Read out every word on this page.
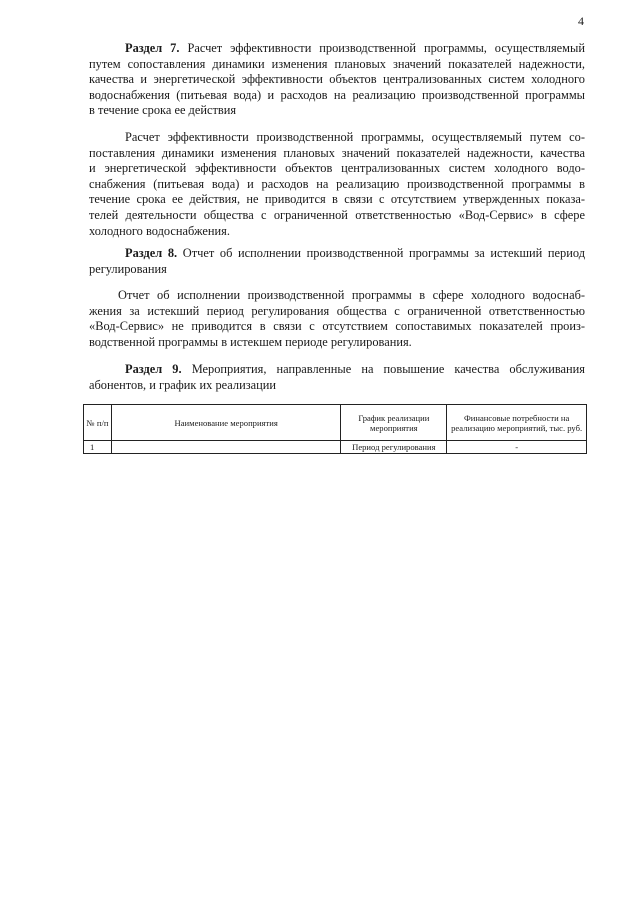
4
Раздел 7. Расчет эффективности производственной программы, осуществляемый
путем сопоставления динамики изменения плановых значений показателей надежности,
качества и энергетической эффективности объектов централизованных систем холодного
водоснабжения (питьевая вода) и расходов на реализацию производственной программы
в течение срока ее действия
Расчет эффективности производственной программы, осуществляемый путем со-
поставления динамики изменения плановых значений показателей надежности, качества
и энергетической эффективности объектов централизованных систем холодного водо-
снабжения (питьевая вода) и расходов на реализацию производственной программы в
течение срока ее действия, не приводится в связи с отсутствием утвержденных показа-
телей деятельности общества с ограниченной ответственностью «Вод-Сервис» в сфере
холодного водоснабжения.
Раздел 8. Отчет об исполнении производственной программы за истекший период
регулирования
Отчет об исполнении производственной программы в сфере холодного водоснаб-
жения за истекший период регулирования общества с ограниченной ответственностью
«Вод-Сервис» не приводится в связи с отсутствием сопоставимых показателей произ-
водственной программы в истекшем периоде регулирования.
Раздел 9. Мероприятия, направленные на повышение качества обслуживания
абонентов, и график их реализации
№ п/п	Наименование мероприятия	График реализации мероприятия	Финансовые потребности на реализацию мероприятий, тыс. руб.
1		Период регулирования	-
